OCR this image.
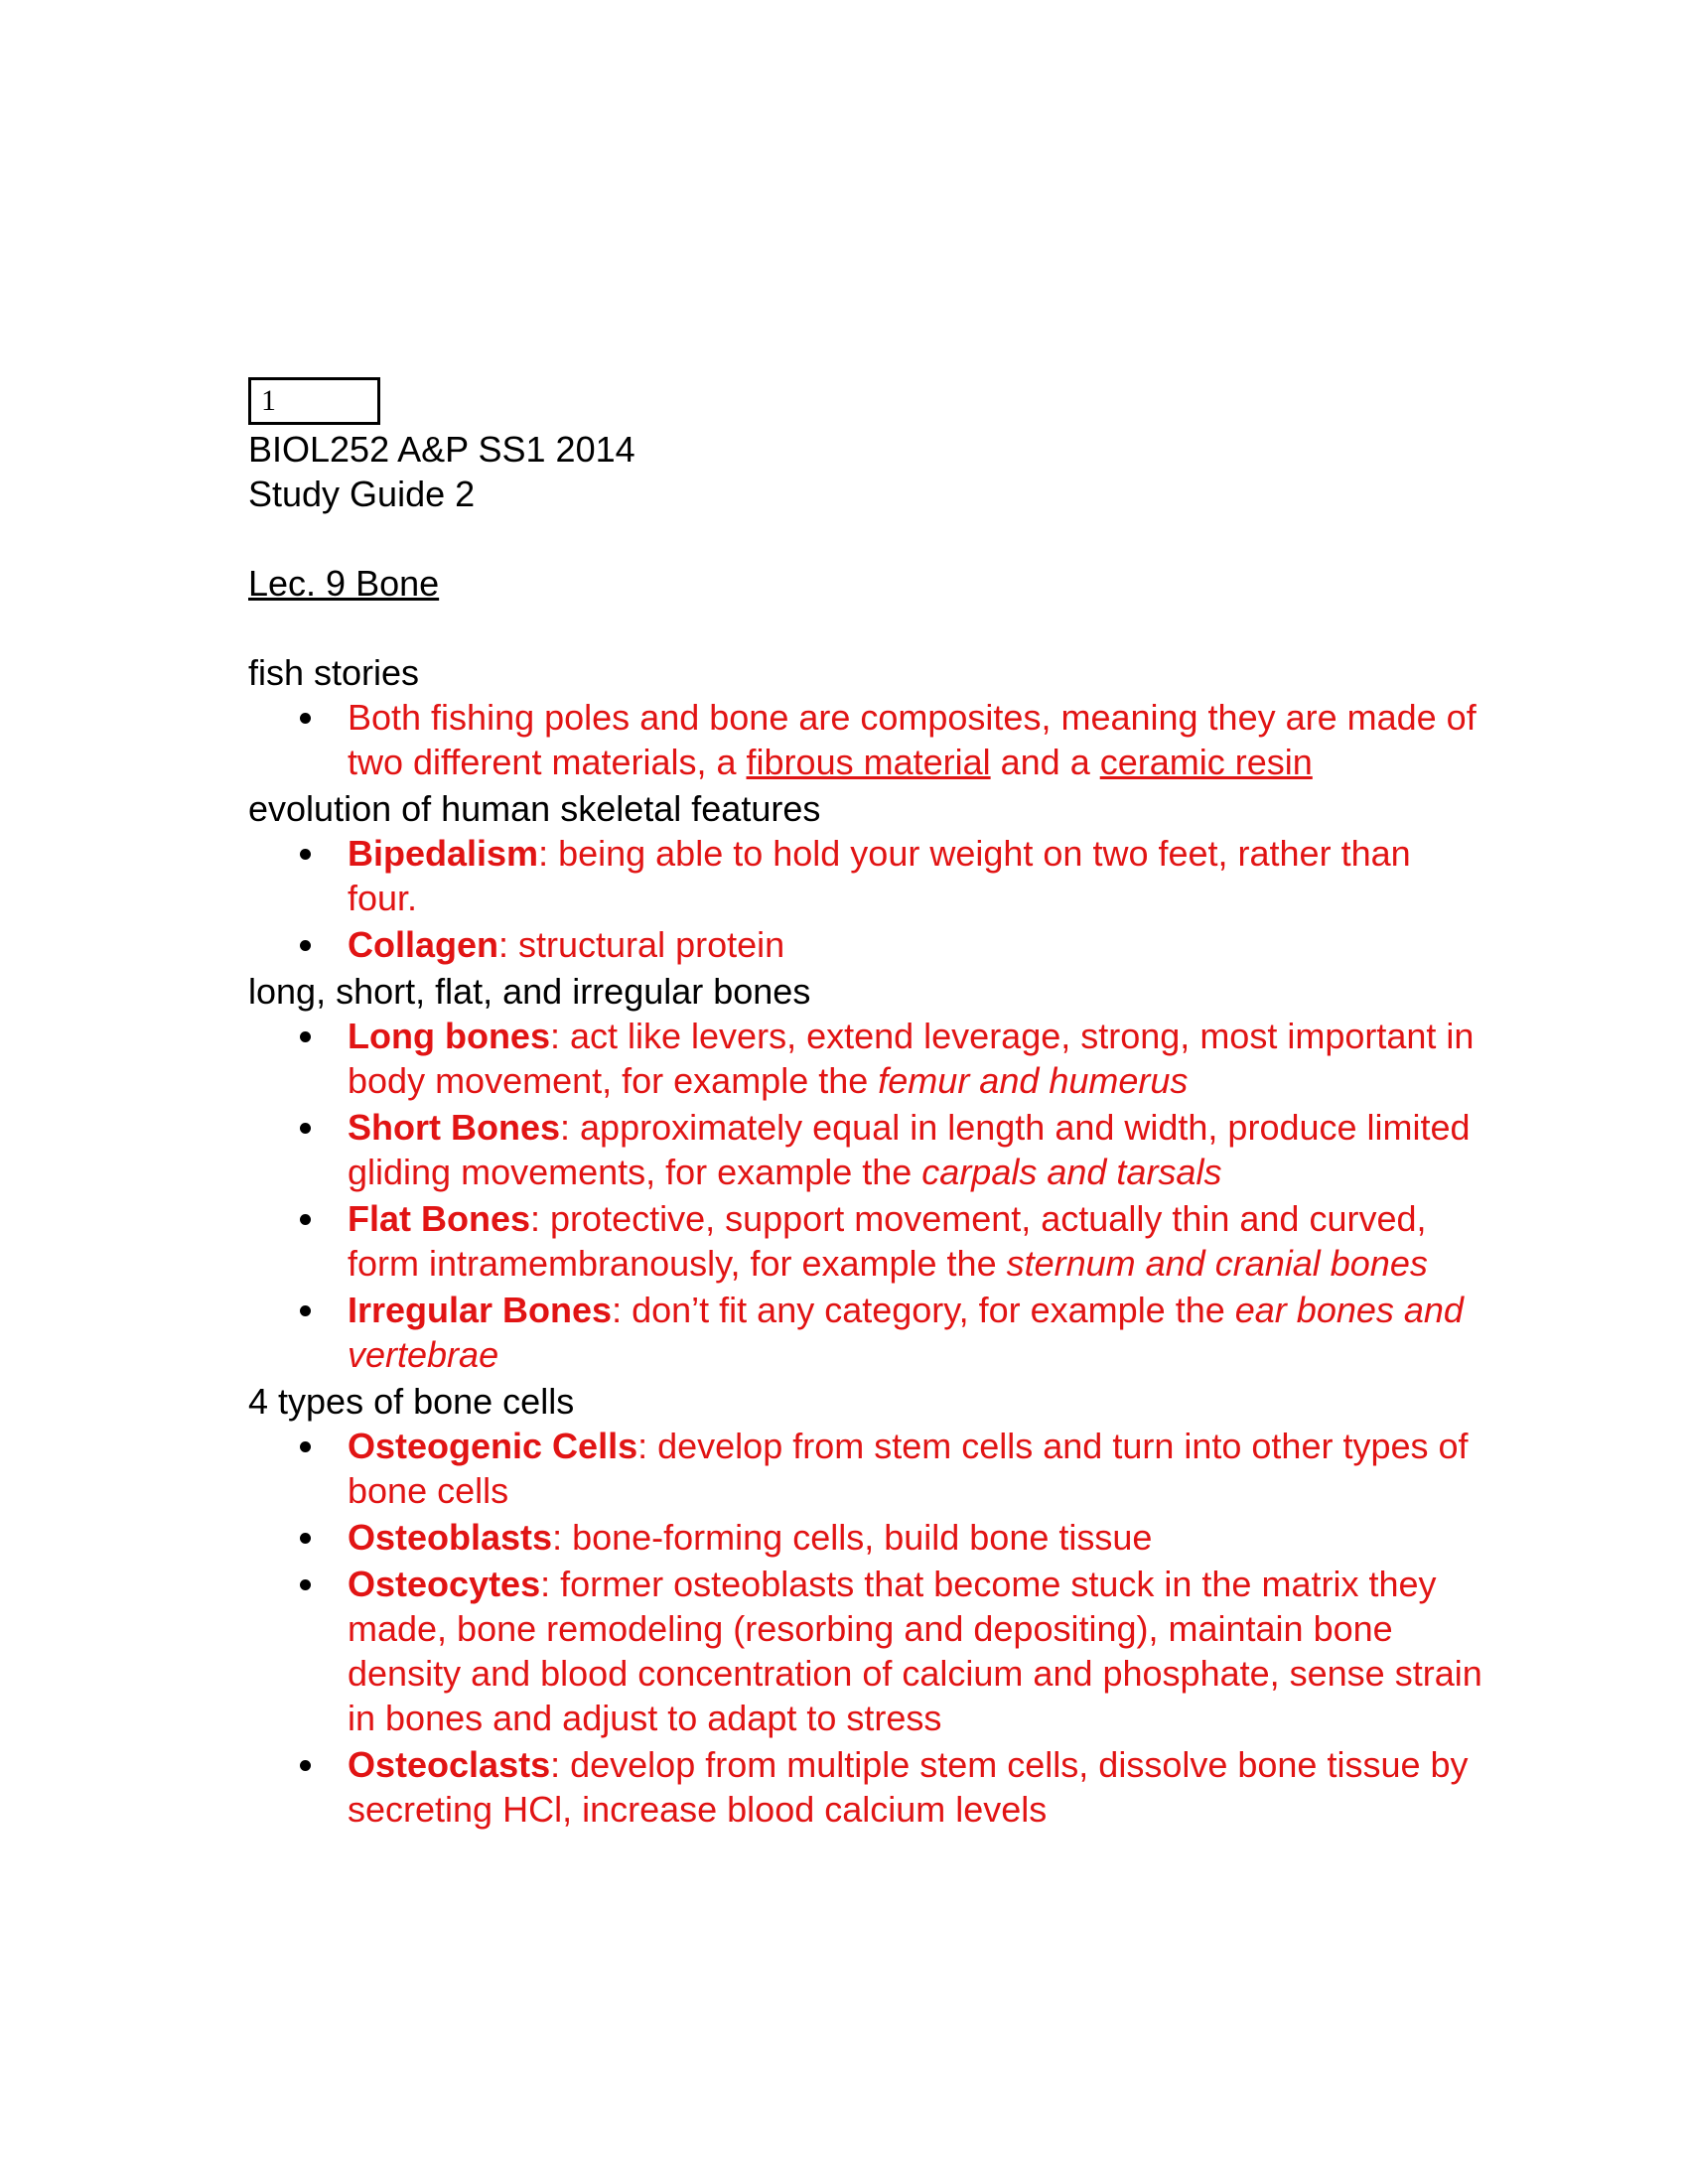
1
BIOL252 A&P SS1 2014
Study Guide 2
Lec. 9 Bone
fish stories
Both fishing poles and bone are composites, meaning they are made of two different materials, a fibrous material and a ceramic resin
evolution of human skeletal features
Bipedalism: being able to hold your weight on two feet, rather than four.
Collagen: structural protein
long, short, flat, and irregular bones
Long bones: act like levers, extend leverage, strong, most important in body movement, for example the femur and humerus
Short Bones: approximately equal in length and width, produce limited gliding movements, for example the carpals and tarsals
Flat Bones: protective, support movement, actually thin and curved, form intramembranously, for example the sternum and cranial bones
Irregular Bones: don’t fit any category, for example the ear bones and vertebrae
4 types of bone cells
Osteogenic Cells: develop from stem cells and turn into other types of bone cells
Osteoblasts: bone-forming cells, build bone tissue
Osteocytes: former osteoblasts that become stuck in the matrix they made, bone remodeling (resorbing and depositing), maintain bone density and blood concentration of calcium and phosphate, sense strain in bones and adjust to adapt to stress
Osteoclasts: develop from multiple stem cells, dissolve bone tissue by secreting HCl, increase blood calcium levels
